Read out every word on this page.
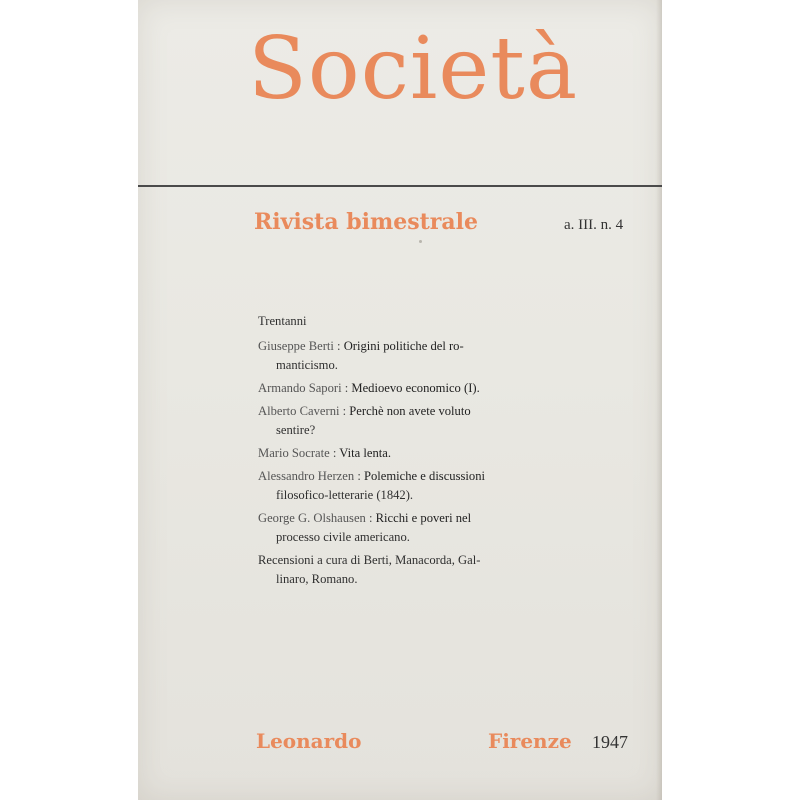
Società
Rivista bimestrale	a. III. n. 4
Trentanni
Giuseppe Berti : Origini politiche del ro-
manticismo.
Armando Sapori : Medioevo economico (I).
Alberto Caverni : Perchè non avete voluto
sentire?
Mario Socrate : Vita lenta.
Alessandro Herzen : Polemiche e discussioni
filosofico-letterarie (1842).
George G. Olshausen : Ricchi e poveri nel
processo civile americano.
Recensioni a cura di Berti, Manacorda, Gal-
linaro, Romano.
Leonardo	Firenze 1947
